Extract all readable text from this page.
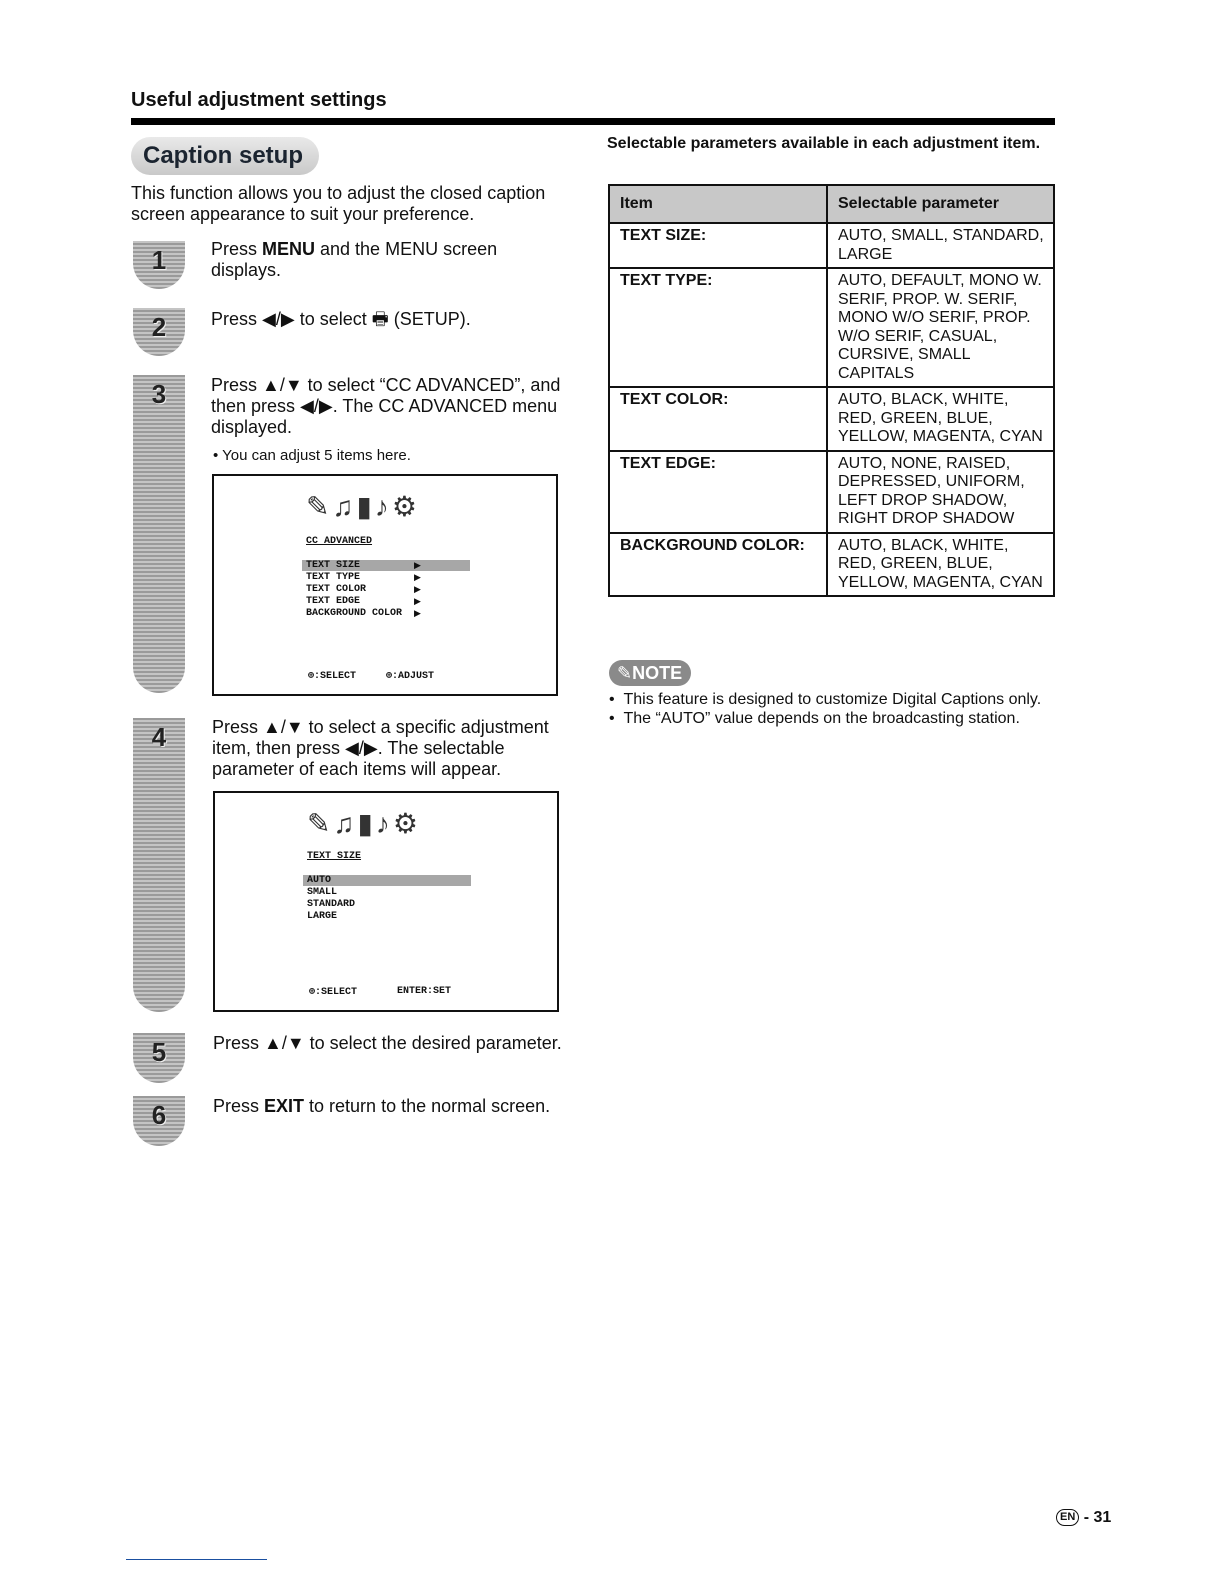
Useful adjustment settings
Caption setup
This function allows you to adjust the closed caption screen appearance to suit your preference.
1
2
3
4
5
6
Press MENU and the MENU screen displays.
Press ◀/▶ to select 🖶 (SETUP).
Press ▲/▼ to select “CC ADVANCED”, and then press ◀/▶. The CC ADVANCED menu displayed.
• You can adjust 5 items here.
✎♫▮♪⚙
CC ADVANCED
TEXT SIZE
TEXT TYPE
TEXT COLOR
TEXT EDGE
BACKGROUND COLOR
▶
▶
▶
▶
▶
⊕:SELECT	⊕:ADJUST
Press ▲/▼ to select a specific adjustment item, then press ◀/▶. The selectable parameter of each items will appear.
✎♫▮♪⚙
TEXT SIZE
AUTO
SMALL
STANDARD
LARGE
⊕:SELECT	ENTER:SET
Press ▲/▼ to select the desired parameter.
Press EXIT to return to the normal screen.
Selectable parameters available in each adjustment item.
Item	Selectable parameter
TEXT SIZE:	AUTO, SMALL, STANDARD, LARGE
TEXT TYPE:	AUTO, DEFAULT, MONO W. SERIF, PROP. W. SERIF, MONO W/O SERIF, PROP. W/O SERIF, CASUAL, CURSIVE, SMALL CAPITALS
TEXT COLOR:	AUTO, BLACK, WHITE, RED, GREEN, BLUE, YELLOW, MAGENTA, CYAN
TEXT EDGE:	AUTO, NONE, RAISED, DEPRESSED, UNIFORM, LEFT DROP SHADOW, RIGHT DROP SHADOW
BACKGROUND COLOR:	AUTO, BLACK, WHITE, RED, GREEN, BLUE, YELLOW, MAGENTA, CYAN
✎NOTE
•  This feature is designed to customize Digital Captions only.
•  The “AUTO” value depends on the broadcasting station.
EN - 31
